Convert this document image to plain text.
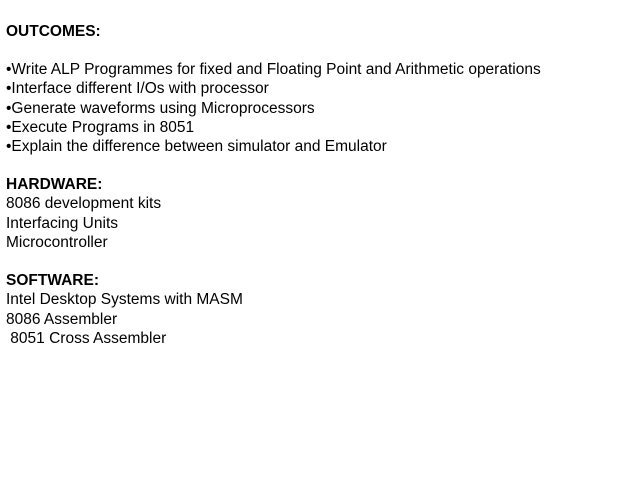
OUTCOMES:

•Write ALP Programmes for fixed and Floating Point and Arithmetic operations
•Interface different I/Os with processor
•Generate waveforms using Microprocessors
•Execute Programs in 8051
•Explain the difference between simulator and Emulator

HARDWARE:

8086 development kits
Interfacing Units
Microcontroller

SOFTWARE:

Intel Desktop Systems with MASM
8086 Assembler
8051 Cross Assembler
